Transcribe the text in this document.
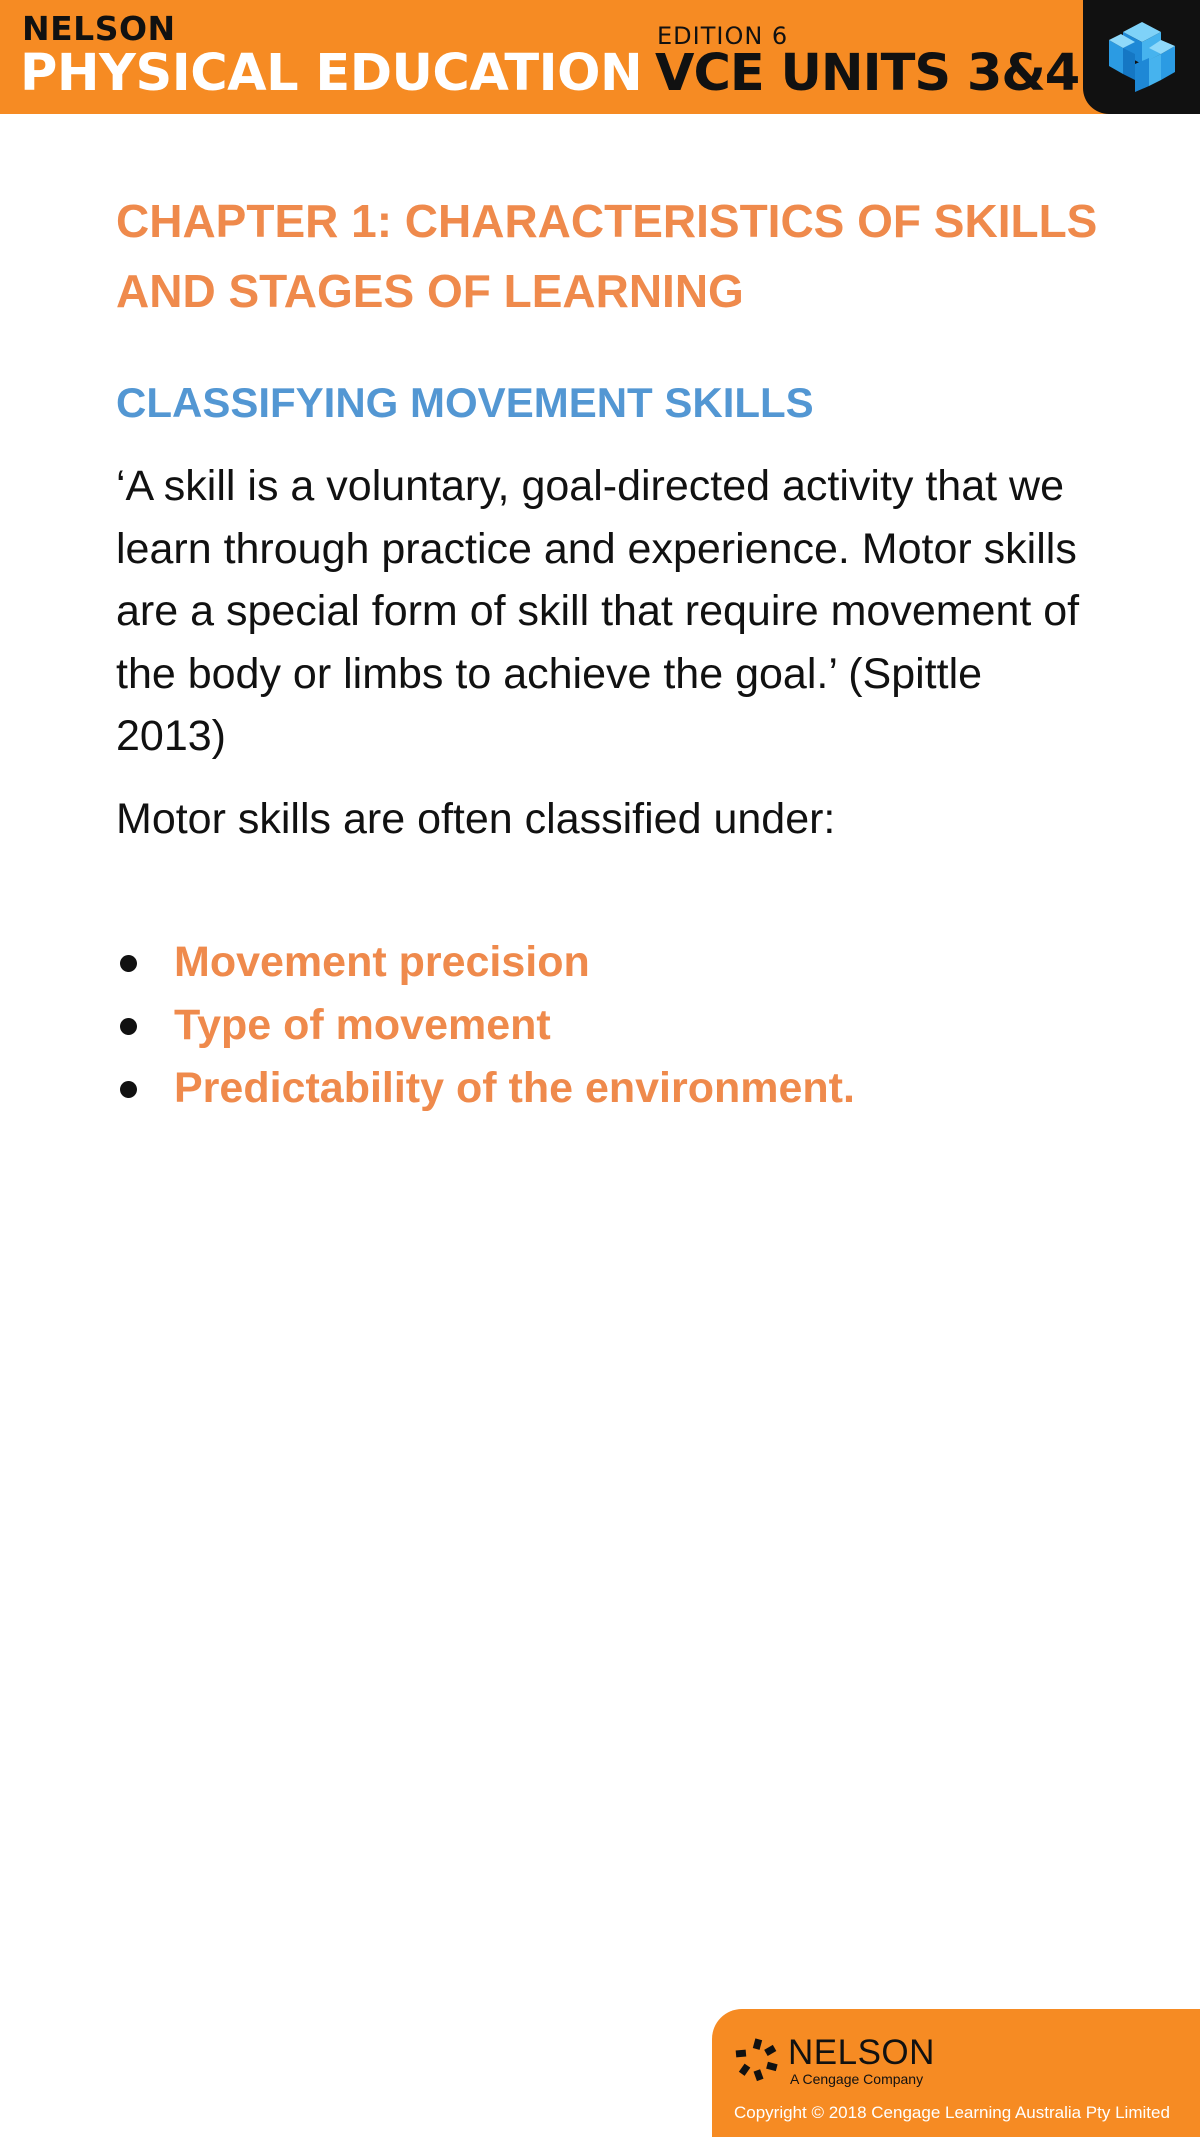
NELSON
PHYSICAL EDUCATION
EDITION 6
VCE UNITS 3&4
CHAPTER 1: CHARACTERISTICS OF SKILLS AND STAGES OF LEARNING
CLASSIFYING MOVEMENT SKILLS

‘A skill is a voluntary, goal-directed activity that we learn through practice and experience. Motor skills are a special form of skill that require movement of the body or limbs to achieve the goal.’ (Spittle 2013)

Motor skills are often classified under:

Movement precision
Type of movement
Predictability of the environment.
NELSON
A Cengage Company
Copyright © 2018 Cengage Learning Australia Pty Limited
